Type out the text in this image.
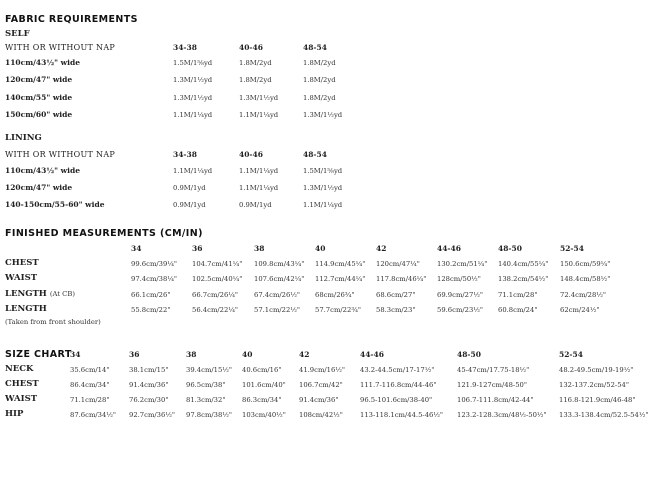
FABRIC REQUIREMENTS
SELF
WITH OR WITHOUT NAP	34-38	40-46	48-54
110cm/43½" wide	1.5M/1⅝yd	1.8M/2yd	1.8M/2yd
120cm/47" wide	1.3M/1½yd	1.8M/2yd	1.8M/2yd
140cm/55" wide	1.3M/1½yd	1.3M/1½yd	1.8M/2yd
150cm/60" wide	1.1M/1¼yd	1.1M/1¼yd	1.3M/1½yd
LINING
WITH OR WITHOUT NAP	34-38	40-46	48-54
110cm/43½" wide	1.1M/1¼yd	1.1M/1¼yd	1.5M/1⅝yd
120cm/47" wide	0.9M/1yd	1.1M/1¼yd	1.3M/1½yd
140-150cm/55-60" wide	0.9M/1yd	0.9M/1yd	1.1M/1¼yd
FINISHED MEASUREMENTS (CM/IN)
34	36	38	40	42	44-46	48-50	52-54
CHEST	99.6cm/39¼" 104.7cm/41¼" 109.8cm/43¼" 114.9cm/45¼" 120cm/47¼"	130.2cm/51¼" 140.4cm/55¼" 150.6cm/59¼"
WAIST	97.4cm/38¼" 102.5cm/40¼" 107.6cm/42¼" 112.7cm/44¼" 117.8cm/46¼" 128cm/50½"	138.2cm/54½" 148.4cm/58½"
LENGTH (At CB)	66.1cm/26"	66.7cm/26¼" 67.4cm/26½" 68cm/26¾"	68.6cm/27"	69.9cm/27½" 71.1cm/28"	72.4cm/28½"
LENGTH	55.8cm/22"	56.4cm/22¼" 57.1cm/22½" 57.7cm/22¾" 58.3cm/23"	59.6cm/23½" 60.8cm/24"	62cm/24½"
(Taken from front shoulder)
SIZE CHART
34	36	38	40	42	44-46	48-50	52-54
NECK	35.6cm/14"	38.1cm/15"	39.4cm/15½" 40.6cm/16"	41.9cm/16½" 43.2-44.5cm/17-17½"	45-47cm/17.75-18½"	48.2-49.5cm/19-19½"
CHEST	86.4cm/34"	91.4cm/36"	96.5cm/38" 101.6cm/40" 106.7cm/42"	111.7-116.8cm/44-46"	121.9-127cm/48-50"	132-137.2cm/52-54"
WAIST	71.1cm/28"	76.2cm/30"	81.3cm/32" 86.3cm/34"	91.4cm/36"	96.5-101.6cm/38-40"	106.7-111.8cm/42-44"	116.8-121.9cm/46-48"
HIP	87.6cm/34½" 92.7cm/36½" 97.8cm/38½" 103cm/40½" 108cm/42½"	113-118.1cm/44.5-46½" 123.2-128.3cm/48½-50½" 133.3-138.4cm/52.5-54½"
